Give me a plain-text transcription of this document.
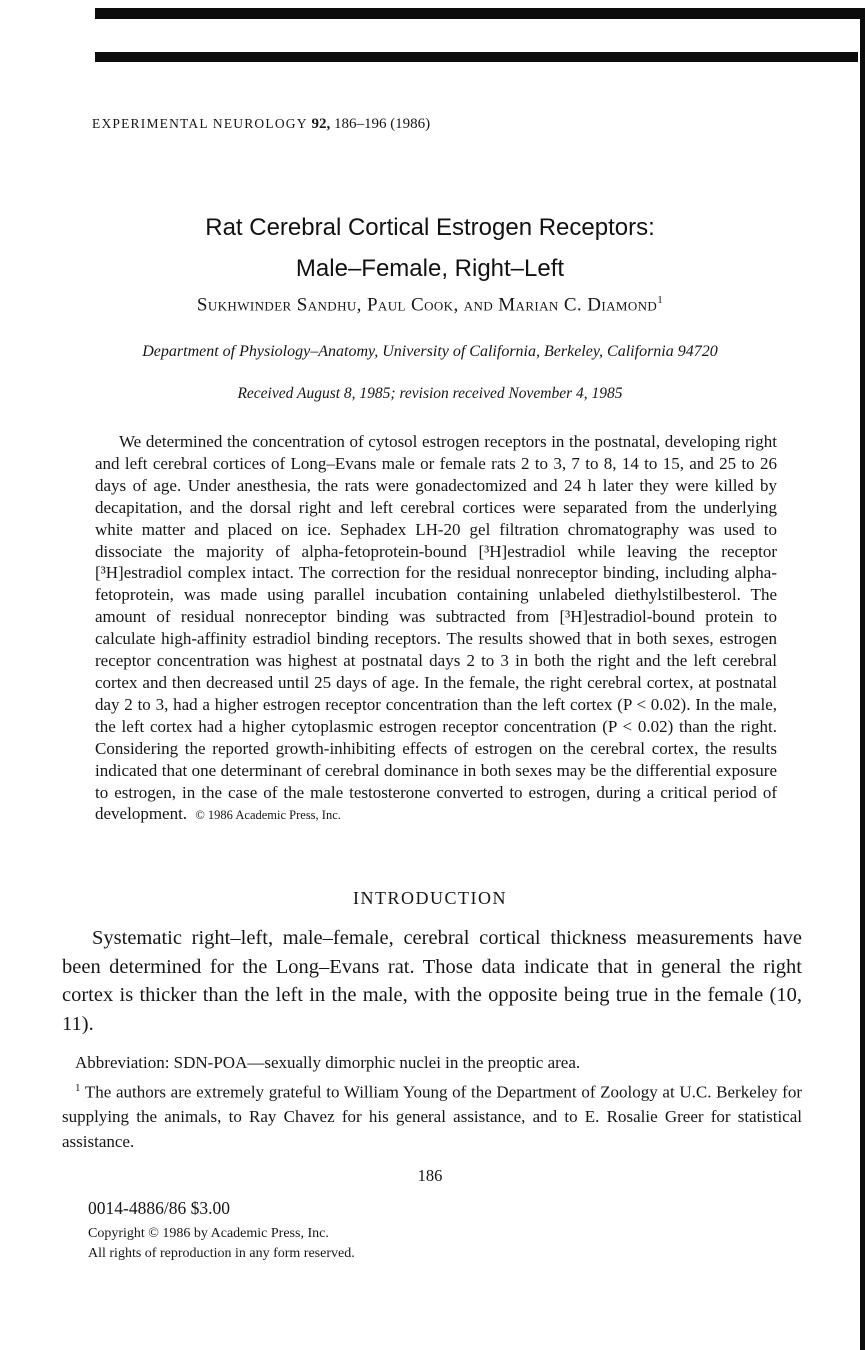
EXPERIMENTAL NEUROLOGY 92, 186–196 (1986)
Rat Cerebral Cortical Estrogen Receptors:
Male–Female, Right–Left
Sukhwinder Sandhu, Paul Cook, and Marian C. Diamond$^1$
Department of Physiology–Anatomy, University of California, Berkeley, California 94720
Received August 8, 1985; revision received November 4, 1985
We determined the concentration of cytosol estrogen receptors in the postnatal, developing right and left cerebral cortices of Long–Evans male or female rats 2 to 3, 7 to 8, 14 to 15, and 25 to 26 days of age. Under anesthesia, the rats were gonadectomized and 24 h later they were killed by decapitation, and the dorsal right and left cerebral cortices were separated from the underlying white matter and placed on ice. Sephadex LH-20 gel filtration chromatography was used to dissociate the majority of alpha-fetoprotein-bound [³H]estradiol while leaving the receptor [³H]estradiol complex intact. The correction for the residual nonreceptor binding, including alpha-fetoprotein, was made using parallel incubation containing unlabeled diethylstilbesterol. The amount of residual nonreceptor binding was subtracted from [³H]estradiol-bound protein to calculate high-affinity estradiol binding receptors. The results showed that in both sexes, estrogen receptor concentration was highest at postnatal days 2 to 3 in both the right and the left cerebral cortex and then decreased until 25 days of age. In the female, the right cerebral cortex, at postnatal day 2 to 3, had a higher estrogen receptor concentration than the left cortex (P < 0.02). In the male, the left cortex had a higher cytoplasmic estrogen receptor concentration (P < 0.02) than the right. Considering the reported growth-inhibiting effects of estrogen on the cerebral cortex, the results indicated that one determinant of cerebral dominance in both sexes may be the differential exposure to estrogen, in the case of the male testosterone converted to estrogen, during a critical period of development. © 1986 Academic Press, Inc.
INTRODUCTION
Systematic right–left, male–female, cerebral cortical thickness measurements have been determined for the Long–Evans rat. Those data indicate that in general the right cortex is thicker than the left in the male, with the opposite being true in the female (10, 11).

Abbreviation: SDN-POA—sexually dimorphic nuclei in the preoptic area.

$^1$ The authors are extremely grateful to William Young of the Department of Zoology at U.C. Berkeley for supplying the animals, to Ray Chavez for his general assistance, and to E. Rosalie Greer for statistical assistance.

186
0014-4886/86 $3.00
Copyright © 1986 by Academic Press, Inc.
All rights of reproduction in any form reserved.
